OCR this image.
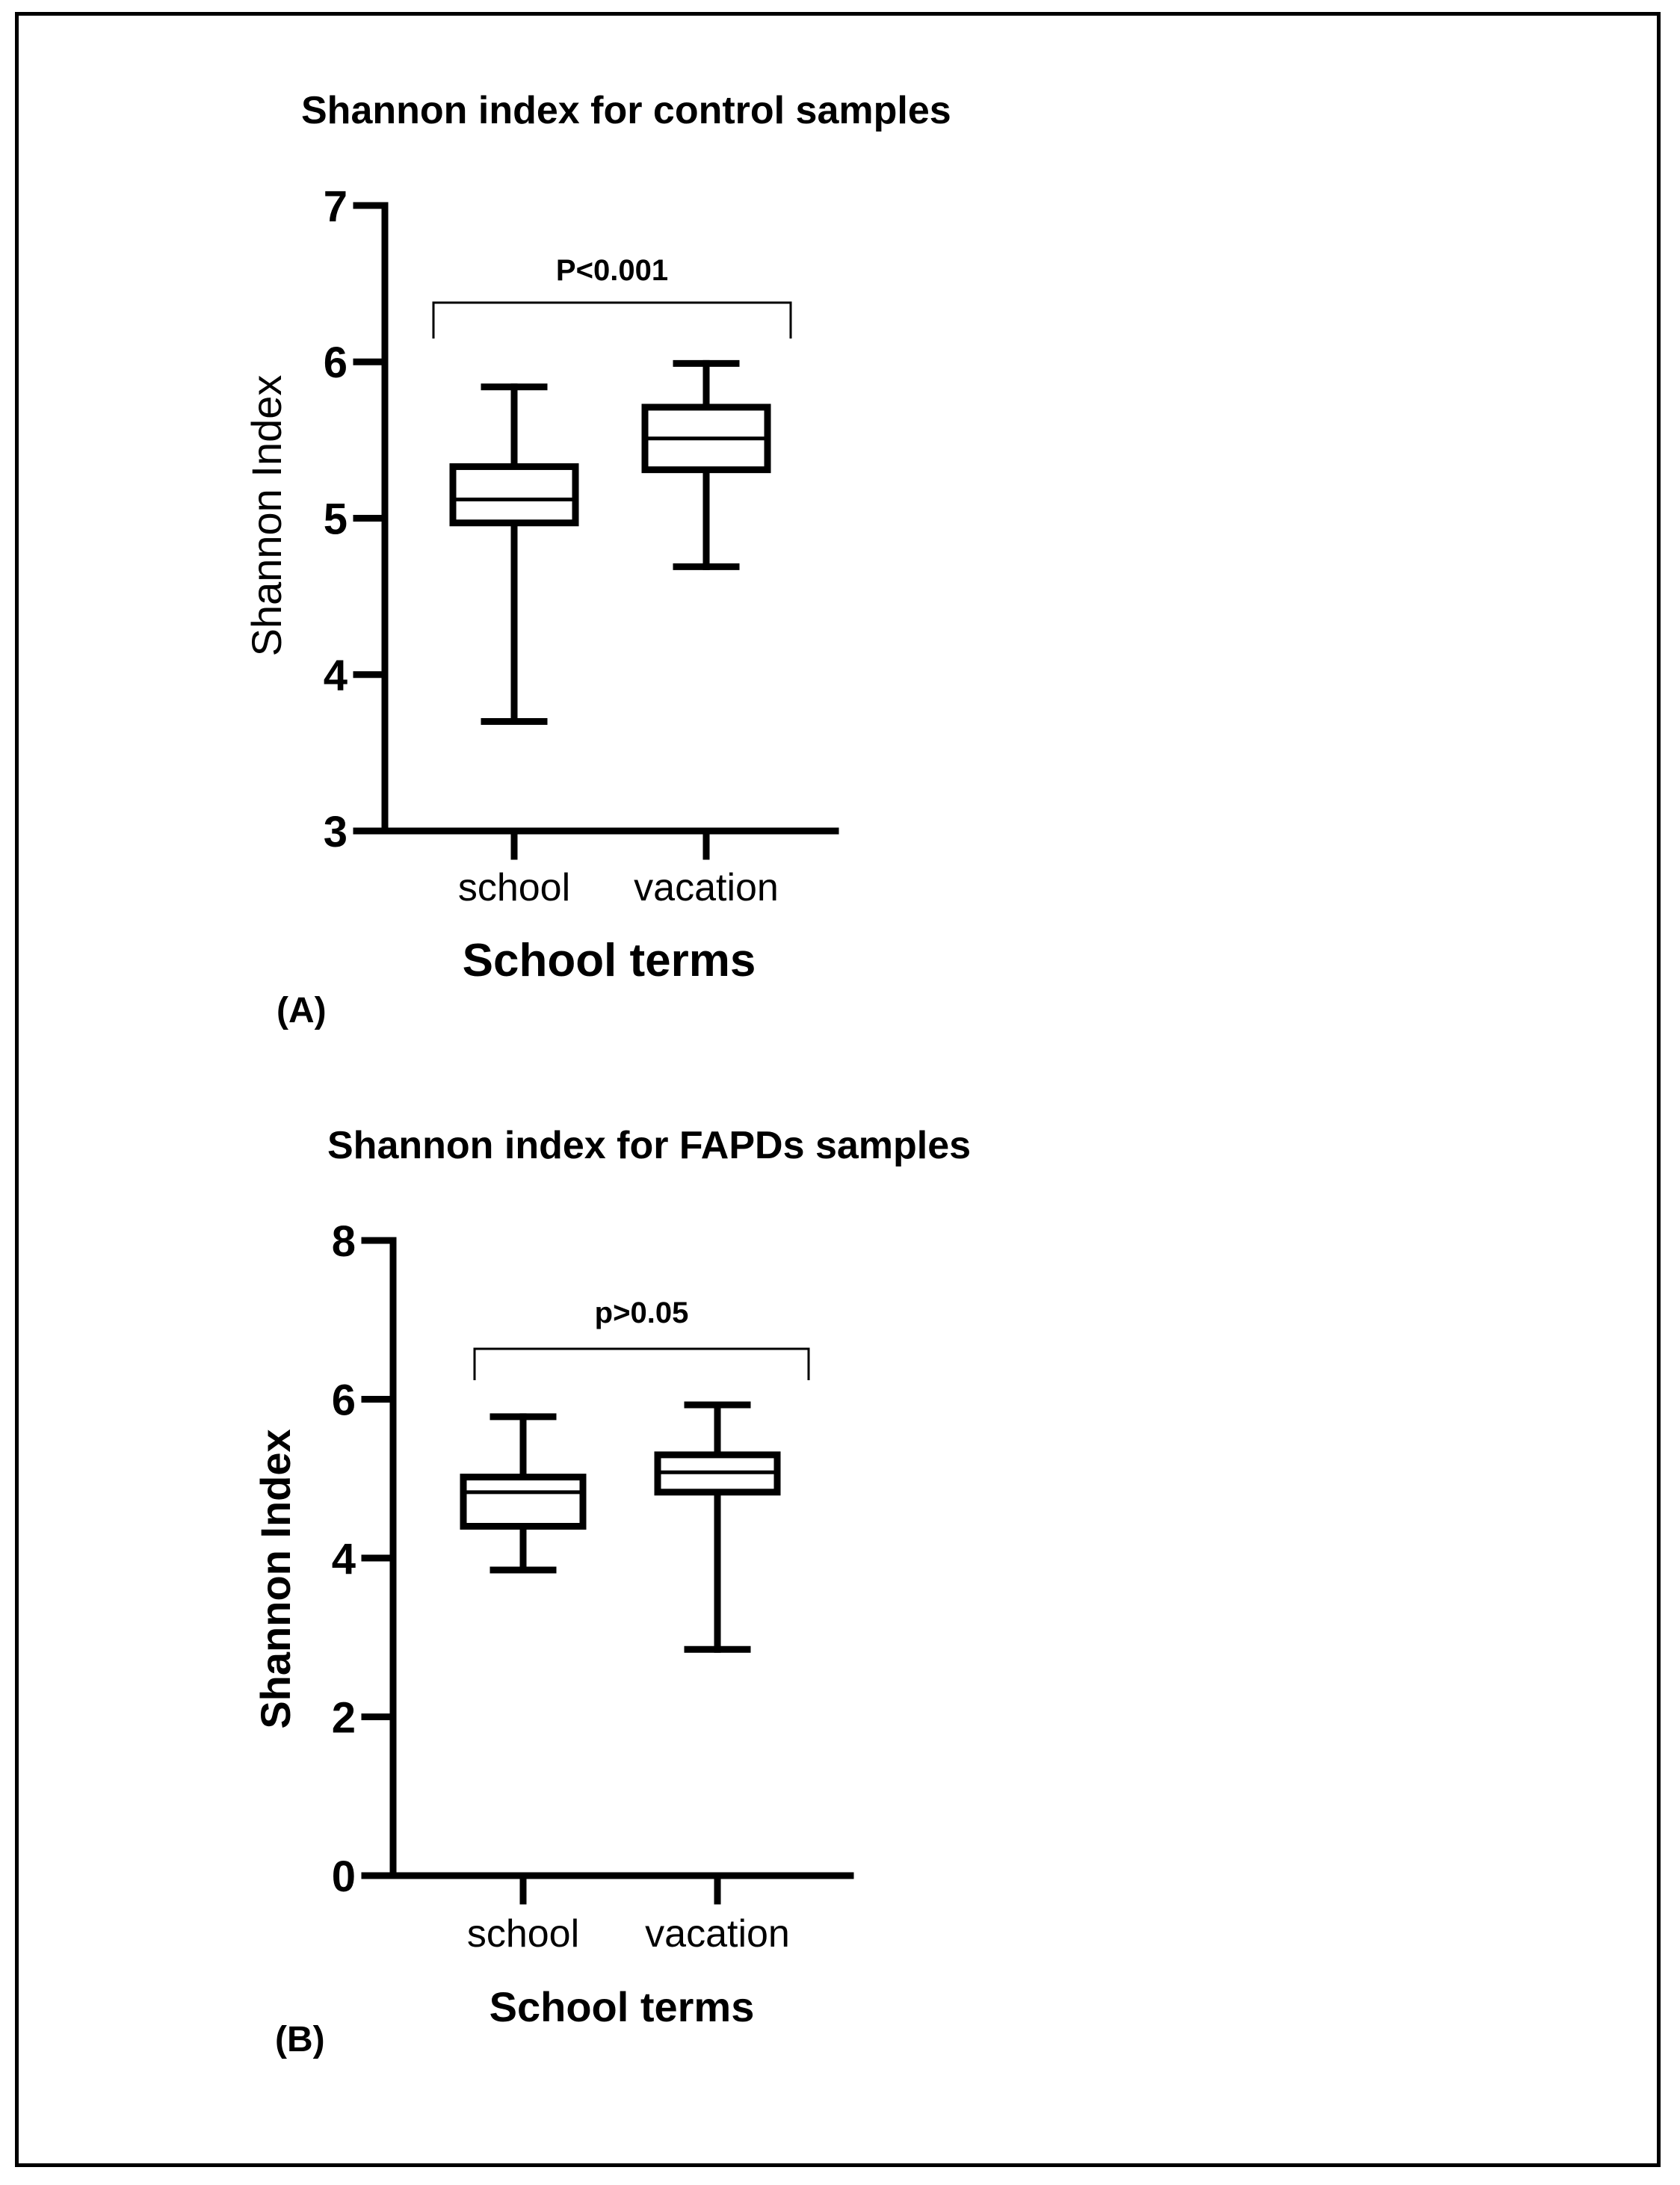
Shannon index for control samples
Shannon Index
School terms
(A)
3
4
5
6
7
school vacation
P<0.001
Shannon index for FAPDs samples
Shannon Index
School terms
(B)
0
2
4
6
8
school vacation
p>0.05
